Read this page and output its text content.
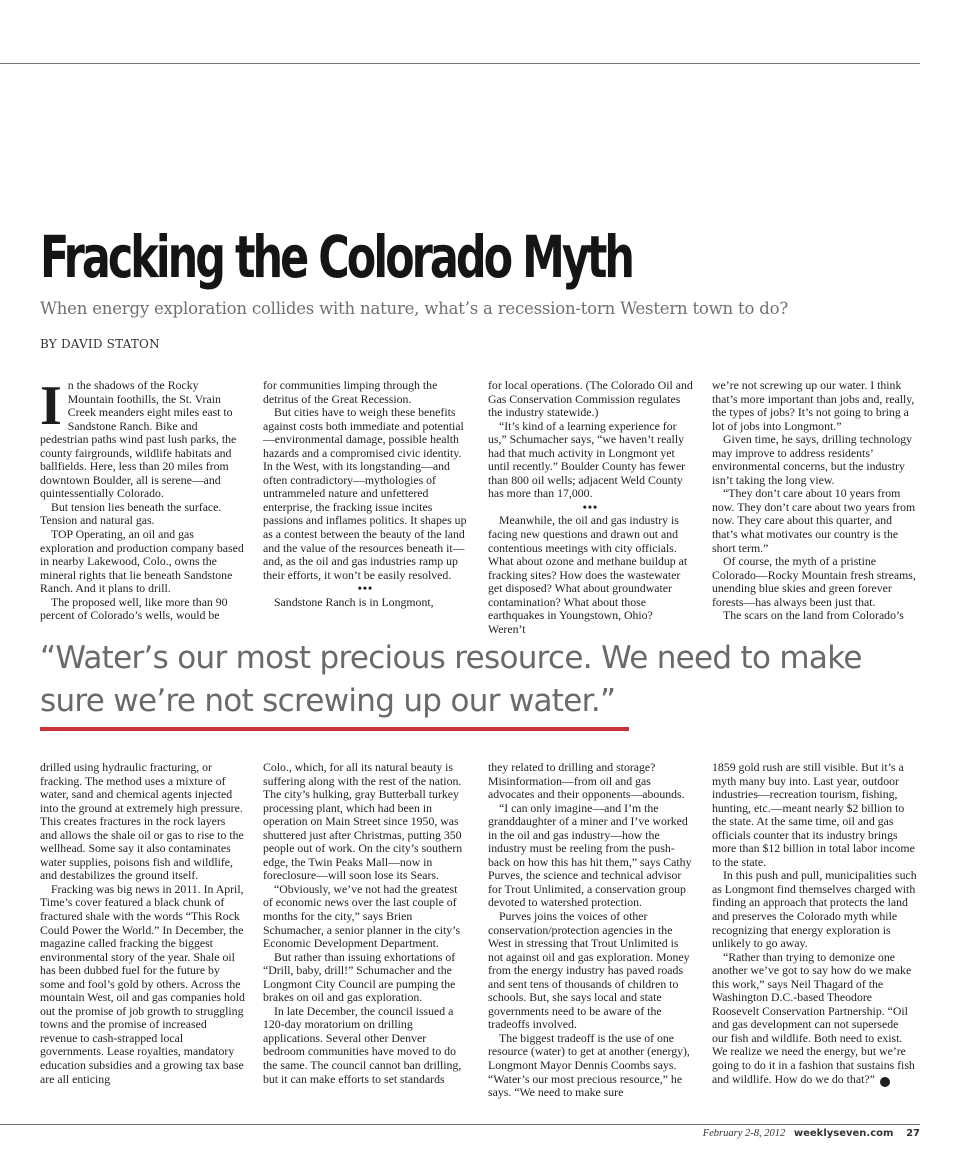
Fracking the Colorado Myth

When energy exploration collides with nature, what’s a recession-torn Western town to do?

BY DAVID STATON

In the shadows of the Rocky Mountain foothills, the St. Vrain Creek meanders eight miles east to Sandstone Ranch. Bike and pedestrian paths wind past lush parks, the county fairgrounds, wildlife habitats and ballfields. Here, less than 20 miles from downtown Boulder, all is serene—and quintessentially Colorado.

But tension lies beneath the surface. Tension and natural gas.

TOP Operating, an oil and gas exploration and production company based in nearby Lakewood, Colo., owns the mineral rights that lie beneath Sandstone Ranch. And it plans to drill.

The proposed well, like more than 90 percent of Colorado’s wells, would be

for communities limping through the detritus of the Great Recession.

But cities have to weigh these benefits against costs both immediate and potential—environmental damage, possible health hazards and a compromised civic identity. In the West, with its longstanding—and often contradictory—mythologies of untrammeled nature and unfettered enterprise, the fracking issue incites passions and inflames politics. It shapes up as a contest between the beauty of the land and the value of the resources beneath it—and, as the oil and gas industries ramp up their efforts, it won’t be easily resolved.

•••

Sandstone Ranch is in Longmont,

for local operations. (The Colorado Oil and Gas Conservation Commission regulates the industry statewide.)

“It’s kind of a learning experience for us,” Schumacher says, “we haven’t really had that much activity in Longmont yet until recently.” Boulder County has fewer than 800 oil wells; adjacent Weld County has more than 17,000.

•••

Meanwhile, the oil and gas industry is facing new questions and drawn out and contentious meetings with city officials. What about ozone and methane buildup at fracking sites? How does the wastewater get disposed? What about groundwater contamination? What about those earthquakes in Youngstown, Ohio? Weren’t

we’re not screwing up our water. I think that’s more important than jobs and, really, the types of jobs? It’s not going to bring a lot of jobs into Longmont.”

Given time, he says, drilling technology may improve to address residents’ environmental concerns, but the industry isn’t taking the long view.

“They don’t care about 10 years from now. They don’t care about two years from now. They care about this quarter, and that’s what motivates our country is the short term.”

Of course, the myth of a pristine Colorado—Rocky Mountain fresh streams, unending blue skies and green forever forests—has always been just that.

The scars on the land from Colorado’s

“Water’s our most precious resource. We need to make sure we’re not screwing up our water.”

drilled using hydraulic fracturing, or fracking. The method uses a mixture of water, sand and chemical agents injected into the ground at extremely high pressure. This creates fractures in the rock layers and allows the shale oil or gas to rise to the wellhead. Some say it also contaminates water supplies, poisons fish and wildlife, and destabilizes the ground itself.

Fracking was big news in 2011. In April, Time’s cover featured a black chunk of fractured shale with the words “This Rock Could Power the World.” In December, the magazine called fracking the biggest environmental story of the year. Shale oil has been dubbed fuel for the future by some and fool’s gold by others. Across the mountain West, oil and gas companies hold out the promise of job growth to struggling towns and the promise of increased revenue to cash-strapped local governments. Lease royalties, mandatory education subsidies and a growing tax base are all enticing

Colo., which, for all its natural beauty is suffering along with the rest of the nation. The city’s hulking, gray Butterball turkey processing plant, which had been in operation on Main Street since 1950, was shuttered just after Christmas, putting 350 people out of work. On the city’s southern edge, the Twin Peaks Mall—now in foreclosure—will soon lose its Sears.

“Obviously, we’ve not had the greatest of economic news over the last couple of months for the city,” says Brien Schumacher, a senior planner in the city’s Economic Development Department.

But rather than issuing exhortations of “Drill, baby, drill!” Schumacher and the Longmont City Council are pumping the brakes on oil and gas exploration.

In late December, the council issued a 120-day moratorium on drilling applications. Several other Denver bedroom communities have moved to do the same. The council cannot ban drilling, but it can make efforts to set standards

they related to drilling and storage? Misinformation—from oil and gas advocates and their opponents—abounds.

“I can only imagine—and I’m the granddaughter of a miner and I’ve worked in the oil and gas industry—how the industry must be reeling from the push-back on how this has hit them,” says Cathy Purves, the science and technical advisor for Trout Unlimited, a conservation group devoted to watershed protection.

Purves joins the voices of other conservation/protection agencies in the West in stressing that Trout Unlimited is not against oil and gas exploration. Money from the energy industry has paved roads and sent tens of thousands of children to schools. But, she says local and state governments need to be aware of the tradeoffs involved.

The biggest tradeoff is the use of one resource (water) to get at another (energy), Longmont Mayor Dennis Coombs says. “Water’s our most precious resource,” he says. “We need to make sure

1859 gold rush are still visible. But it’s a myth many buy into. Last year, outdoor industries—recreation tourism, fishing, hunting, etc.—meant nearly $2 billion to the state. At the same time, oil and gas officials counter that its industry brings more than $12 billion in total labor income to the state.

In this push and pull, municipalities such as Longmont find themselves charged with finding an approach that protects the land and preserves the Colorado myth while recognizing that energy exploration is unlikely to go away.

“Rather than trying to demonize one another we’ve got to say how do we make this work,” says Neil Thagard of the Washington D.C.-based Theodore Roosevelt Conservation Partnership. “Oil and gas development can not supersede our fish and wildlife. Both need to exist. We realize we need the energy, but we’re going to do it in a fashion that sustains fish and wildlife. How do we do that?” 7

February 2-8, 2012 weeklyseven.com 27
